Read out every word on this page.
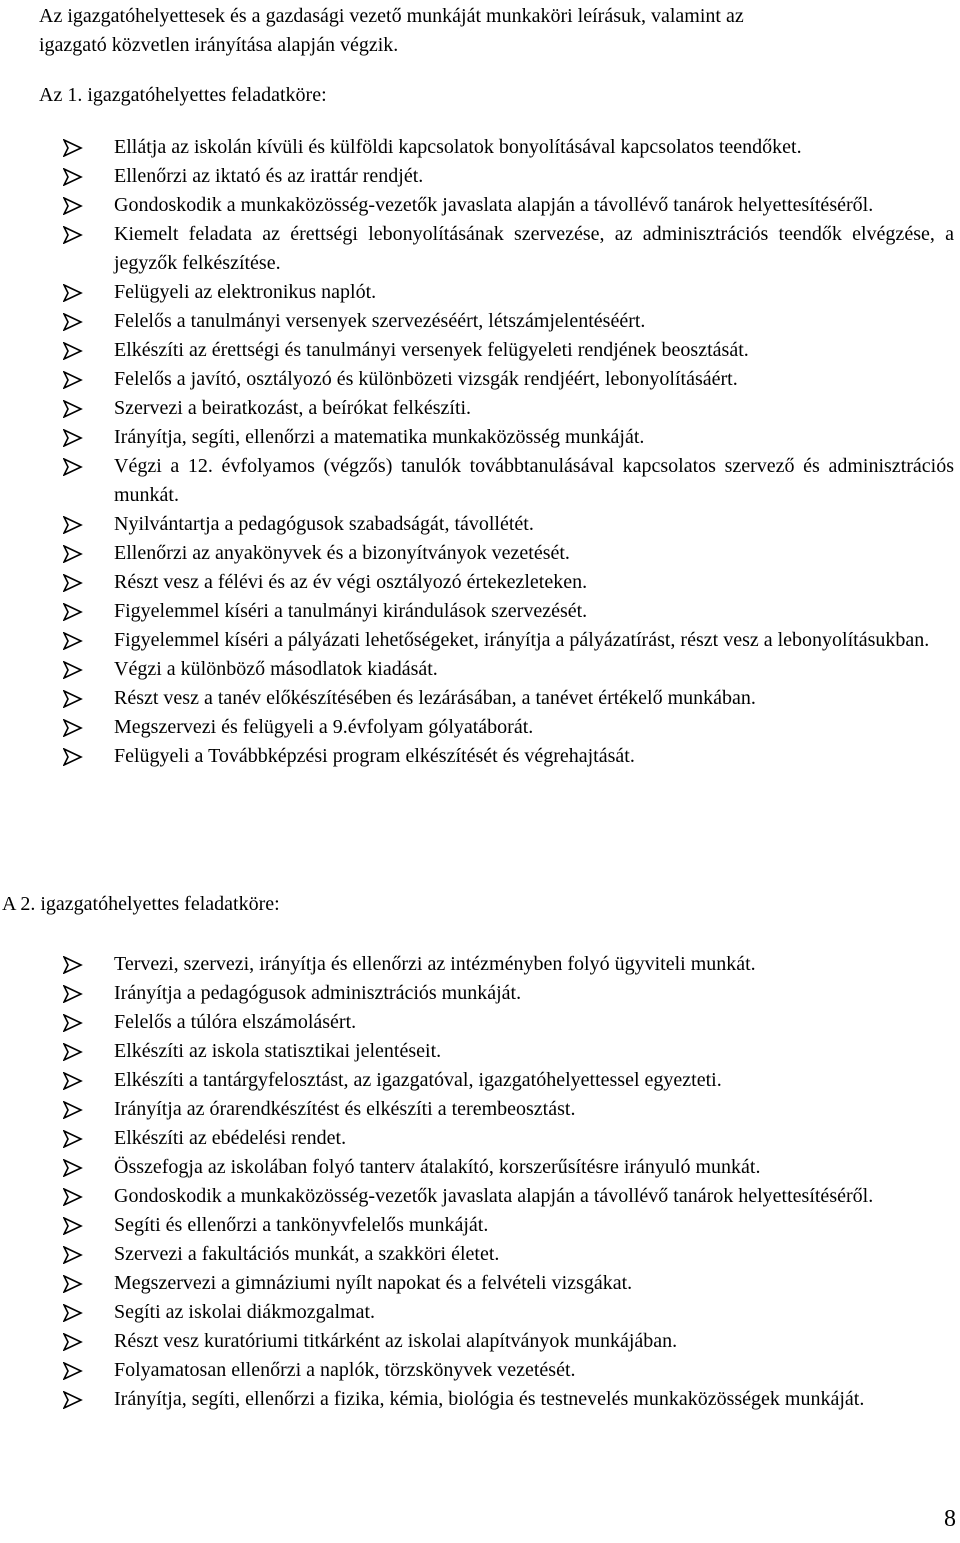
Az igazgatóhelyettesek és a gazdasági vezető munkáját munkaköri leírásuk, valamint az
igazgató közvetlen irányítása alapján végzik.
Az 1. igazgatóhelyettes feladatköre:
Ellátja az iskolán kívüli és külföldi kapcsolatok bonyolításával kapcsolatos teendőket.
Ellenőrzi az iktató és az irattár rendjét.
Gondoskodik a munkaközösség-vezetők javaslata alapján a távollévő tanárok helyettesítéséről.
Kiemelt feladata az érettségi lebonyolításának szervezése, az adminisztrációs teendők elvégzése, a jegyzők felkészítése.
Felügyeli az elektronikus naplót.
Felelős a tanulmányi versenyek szervezéséért, létszámjelentéséért.
Elkészíti az érettségi és tanulmányi versenyek felügyeleti rendjének beosztását.
Felelős a javító, osztályozó és különbözeti vizsgák rendjéért, lebonyolításáért.
Szervezi a beiratkozást, a beírókat felkészíti.
Irányítja, segíti, ellenőrzi a matematika munkaközösség munkáját.
Végzi a 12. évfolyamos (végzős) tanulók továbbtanulásával kapcsolatos szervező és adminisztrációs munkát.
Nyilvántartja a pedagógusok szabadságát, távollétét.
Ellenőrzi az anyakönyvek és a bizonyítványok vezetését.
Részt vesz a félévi és az év végi osztályozó értekezleteken.
Figyelemmel kíséri a tanulmányi kirándulások szervezését.
Figyelemmel kíséri a pályázati lehetőségeket, irányítja a pályázatírást, részt vesz a lebonyolításukban.
Végzi a különböző másodlatok kiadását.
Részt vesz a tanév előkészítésében és lezárásában, a tanévet értékelő munkában.
Megszervezi és felügyeli a 9.évfolyam gólyatáborát.
Felügyeli a Továbbképzési program elkészítését és végrehajtását.
A 2. igazgatóhelyettes feladatköre:
Tervezi, szervezi, irányítja és ellenőrzi az intézményben folyó ügyviteli munkát.
Irányítja a pedagógusok adminisztrációs munkáját.
Felelős a túlóra elszámolásért.
Elkészíti az iskola statisztikai jelentéseit.
Elkészíti a tantárgyfelosztást, az igazgatóval, igazgatóhelyettessel egyezteti.
Irányítja az órarendkészítést és elkészíti a terembeosztást.
Elkészíti az ebédelési rendet.
Összefogja az iskolában folyó tanterv átalakító, korszerűsítésre irányuló munkát.
Gondoskodik a munkaközösség-vezetők javaslata alapján a távollévő tanárok helyettesítéséről.
Segíti és ellenőrzi a tankönyvfelelős munkáját.
Szervezi a fakultációs munkát, a szakköri életet.
Megszervezi a gimnáziumi nyílt napokat és a felvételi vizsgákat.
Segíti az iskolai diákmozgalmat.
Részt vesz kuratóriumi titkárként az iskolai alapítványok munkájában.
Folyamatosan ellenőrzi a naplók, törzskönyvek vezetését.
Irányítja, segíti, ellenőrzi a fizika, kémia, biológia és testnevelés munkaközösségek munkáját.
8
